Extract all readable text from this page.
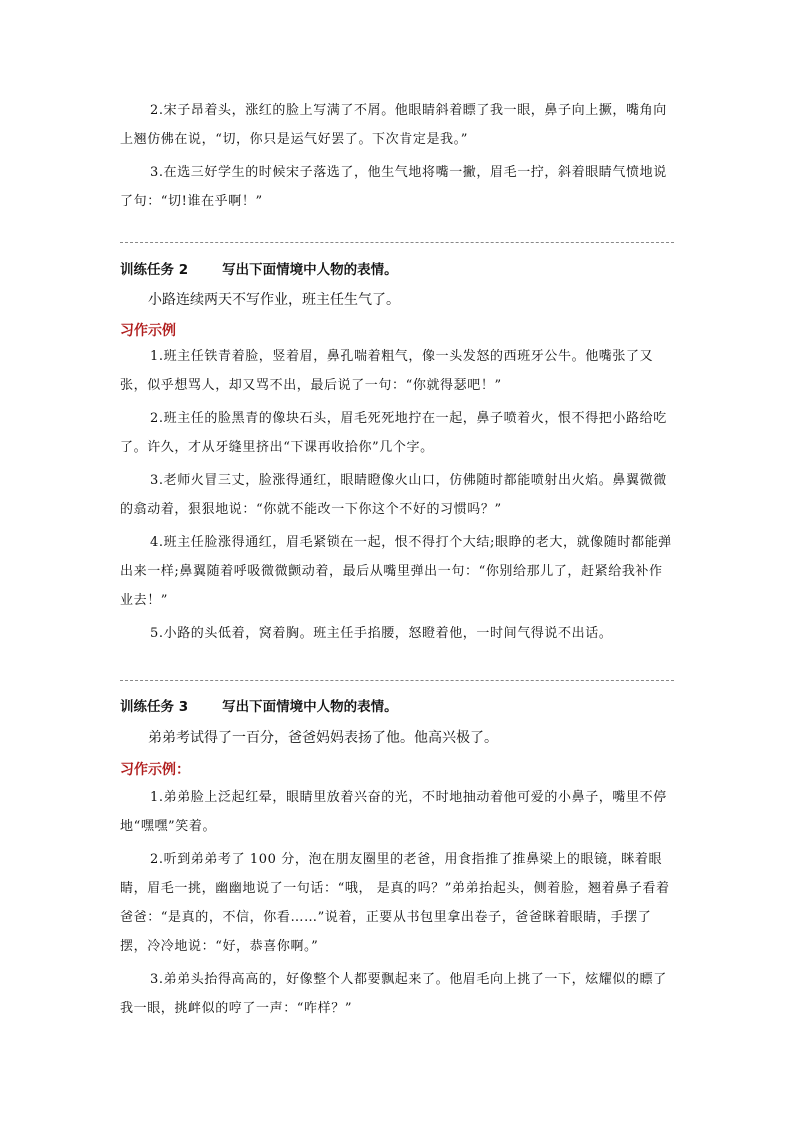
2.宋子昂着头，涨红的脸上写满了不屑。他眼睛斜着瞟了我一眼，鼻子向上撅，嘴角向上翘仿佛在说，“切，你只是运气好罢了。下次肯定是我。”

3.在选三好学生的时候宋子落选了，他生气地将嘴一撇，眉毛一拧，斜着眼睛气愤地说了句：“切!谁在乎啊！”

训练任务 2	写出下面情境中人物的表情。
小路连续两天不写作业，班主任生气了。
习作示例

1.班主任铁青着脸，竖着眉，鼻孔喘着粗气，像一头发怒的西班牙公牛。他嘴张了又张，似乎想骂人，却又骂不出，最后说了一句：“你就得瑟吧！”

2.班主任的脸黑青的像块石头，眉毛死死地拧在一起，鼻子喷着火，恨不得把小路给吃了。许久，才从牙缝里挤出“下课再收拾你”几个字。

3.老师火冒三丈，脸涨得通红，眼睛瞪像火山口，仿佛随时都能喷射出火焰。鼻翼微微的翕动着，狠狠地说：“你就不能改一下你这个不好的习惯吗？”

4.班主任脸涨得通红，眉毛紧锁在一起，恨不得打个大结;眼睁的老大，就像随时都能弹出来一样;鼻翼随着呼吸微微颤动着，最后从嘴里弹出一句：“你别给那儿了，赶紧给我补作业去！”

5.小路的头低着，窝着胸。班主任手掐腰，怒瞪着他，一时间气得说不出话。

训练任务 3	写出下面情境中人物的表情。
弟弟考试得了一百分，爸爸妈妈表扬了他。他高兴极了。
习作示例：

1.弟弟脸上泛起红晕，眼睛里放着兴奋的光，不时地抽动着他可爱的小鼻子，嘴里不停地“嘿嘿”笑着。

2.听到弟弟考了 100 分，泡在朋友圈里的老爸，用食指推了推鼻梁上的眼镜，眯着眼睛，眉毛一挑，幽幽地说了一句话：“哦， 是真的吗？”弟弟抬起头，侧着脸，翘着鼻子看着爸爸：“是真的，不信，你看……”说着，正要从书包里拿出卷子，爸爸眯着眼睛，手摆了摆，冷冷地说：“好，恭喜你啊。”

3.弟弟头抬得高高的，好像整个人都要飘起来了。他眉毛向上挑了一下，炫耀似的瞟了我一眼，挑衅似的哼了一声：“咋样？”
